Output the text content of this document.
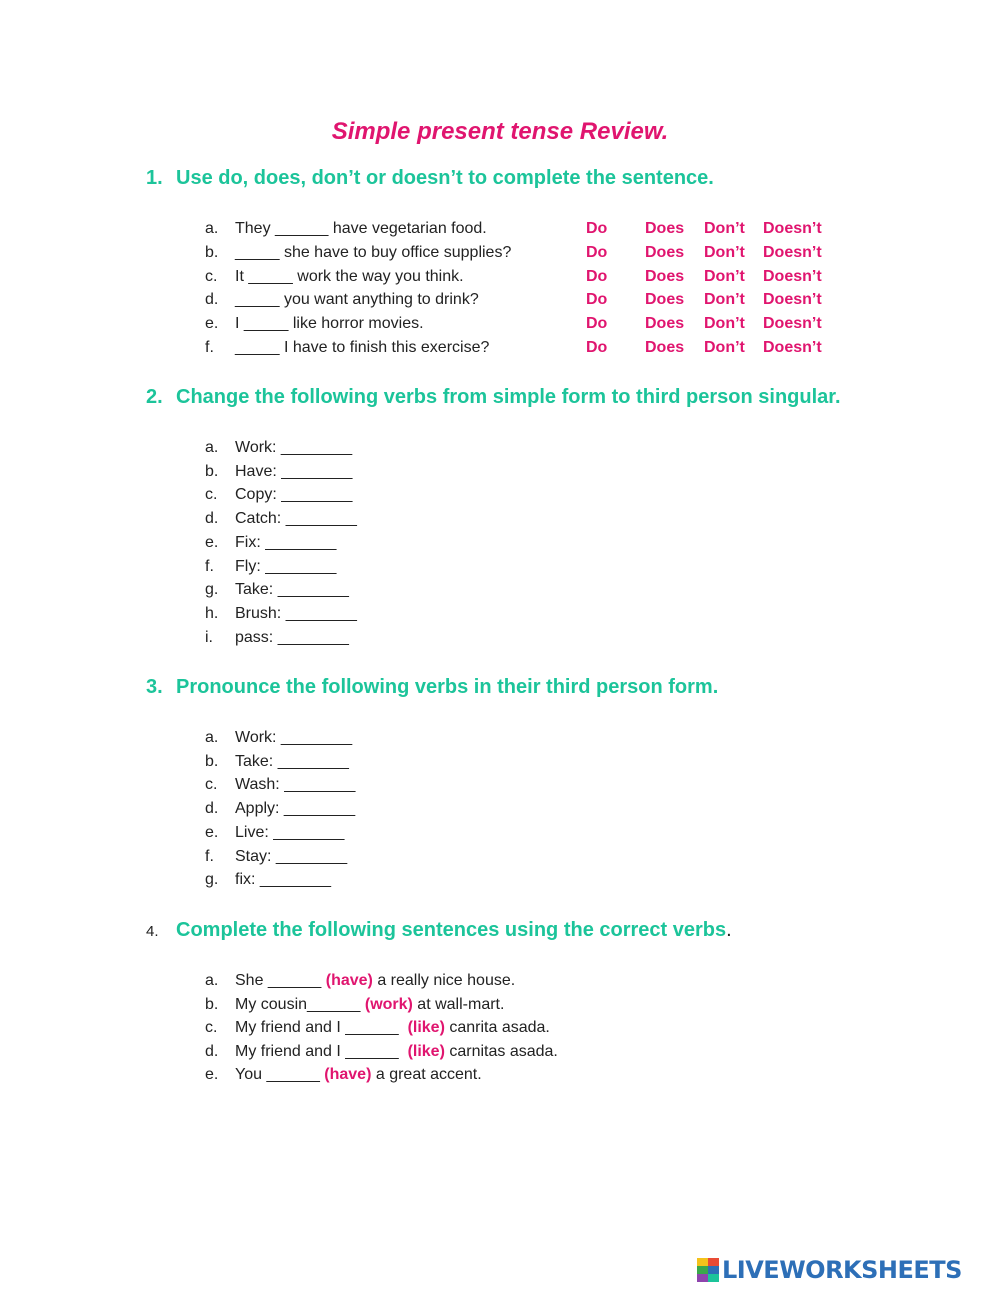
Simple present tense Review.
1. Use do, does, don’t or doesn’t to complete the sentence.
a. They ______ have vegetarian food.	Do Does Don’t Doesn’t
b. _____ she have to buy office supplies?	Do Does Don’t Doesn’t
c. It _____ work the way you think.	Do Does Don’t Doesn’t
d. _____ you want anything to drink?	Do Does Don’t Doesn’t
e. I _____ like horror movies.	Do Does Don’t Doesn’t
f. _____ I have to finish this exercise?	Do Does Don’t Doesn’t
2. Change the following verbs from simple form to third person singular.
a. Work: ________
b. Have: ________
c. Copy: ________
d. Catch: ________
e. Fix: ________
f. Fly: ________
g. Take: ________
h. Brush: ________
i. pass: ________
3. Pronounce the following verbs in their third person form.
a. Work: ________
b. Take: ________
c. Wash: ________
d. Apply: ________
e. Live: ________
f. Stay: ________
g. fix: ________
4. Complete the following sentences using the correct verbs.
a. She ______ (have) a really nice house.
b. My cousin______ (work) at wall-mart.
c. My friend and I ______  (like) canrita asada.
d. My friend and I ______  (like) carnitas asada.
e. You ______ (have) a great accent.
LIVEWORKSHEETS
